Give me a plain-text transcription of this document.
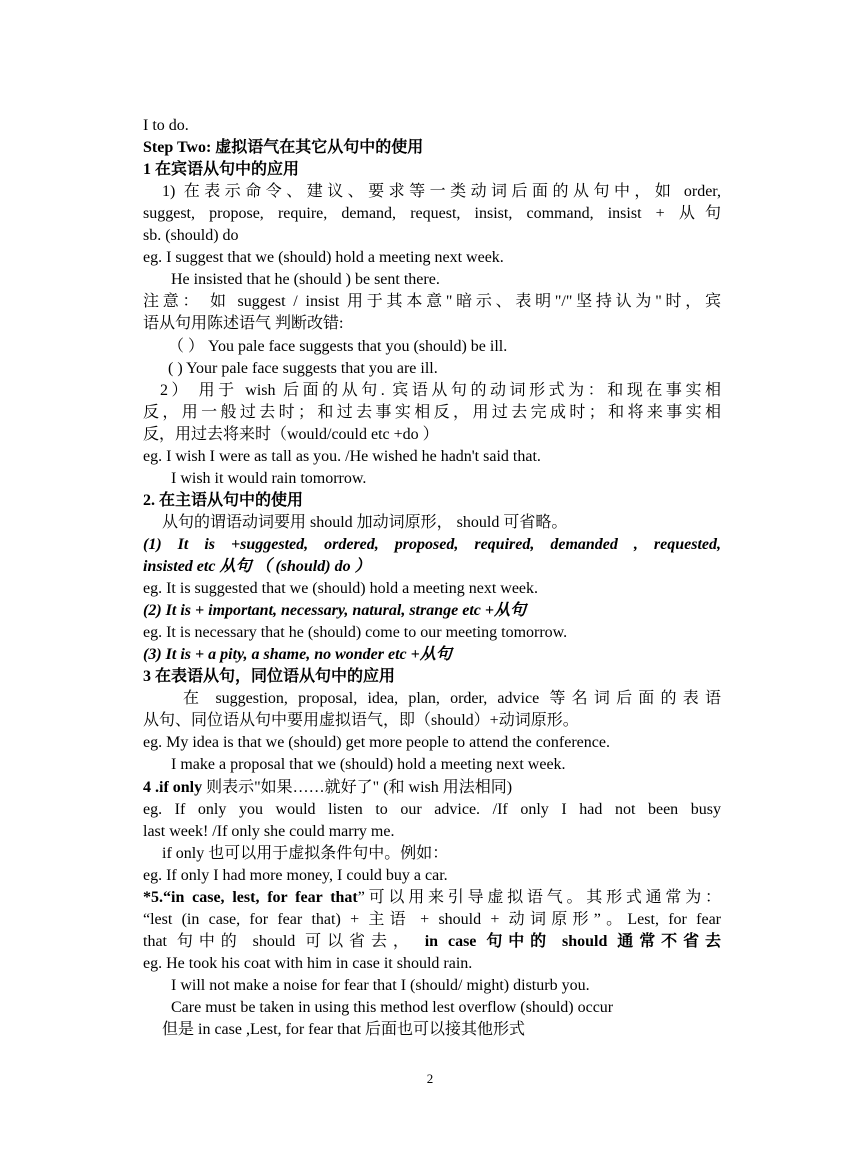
I to do.
Step Two: 虚拟语气在其它从句中的使用
1 在宾语从句中的应用
1) 在表示命令、建议、要求等一类动词后面的从句中，如 order,
suggest, propose, require, demand, request, insist, command, insist + 从句
sb. (should) do
eg. I suggest that we (should) hold a meeting next week.
He insisted that he (should ) be sent there.
注意： 如 suggest / insist 用于其本意"暗示、表明"/"坚持认为"时，宾
语从句用陈述语气 判断改错:
（ ） You pale face suggests that you (should) be ill.
( ) Your pale face suggests that you are ill.
2） 用于 wish 后面的从句. 宾语从句的动词形式为：和现在事实相
反，用一般过去时；和过去事实相反，用过去完成时；和将来事实相
反，用过去将来时（would/could etc +do ）
eg. I wish I were as tall as you. /He wished he hadn't said that.
I wish it would rain tomorrow.
2. 在主语从句中的使用
从句的谓语动词要用 should 加动词原形， should 可省略。
(1) It is +suggested, ordered, proposed, required, demanded , requested,
insisted etc 从句 （ (should) do ）
eg. It is suggested that we (should) hold a meeting next week.
(2) It is + important, necessary, natural, strange etc +从句
eg. It is necessary that he (should) come to our meeting tomorrow.
(3) It is + a pity, a shame, no wonder etc +从句
3 在表语从句，同位语从句中的应用
在 suggestion, proposal, idea, plan, order, advice 等名词后面的表语
从句、同位语从句中要用虚拟语气，即（should）+动词原形。
eg. My idea is that we (should) get more people to attend the conference.
I make a proposal that we (should) hold a meeting next week.
4 .if only 则表示"如果……就好了" (和 wish 用法相同)
eg. If only you would listen to our advice. /If only I had not been busy
last week! /If only she could marry me.
if only 也可以用于虚拟条件句中。例如：
eg. If only I had more money, I could buy a car.
*5.“in case, lest, for fear that”可以用来引导虚拟语气。其形式通常为：
“lest (in case, for fear that) + 主语 + should + 动词原形”。Lest, for fear
that 句中的 should 可以省去， in case 句中的 should 通常不省去
eg. He took his coat with him in case it should rain.
I will not make a noise for fear that I (should/ might) disturb you.
Care must be taken in using this method lest overflow (should) occur
但是 in case ,Lest, for fear that 后面也可以接其他形式
2
